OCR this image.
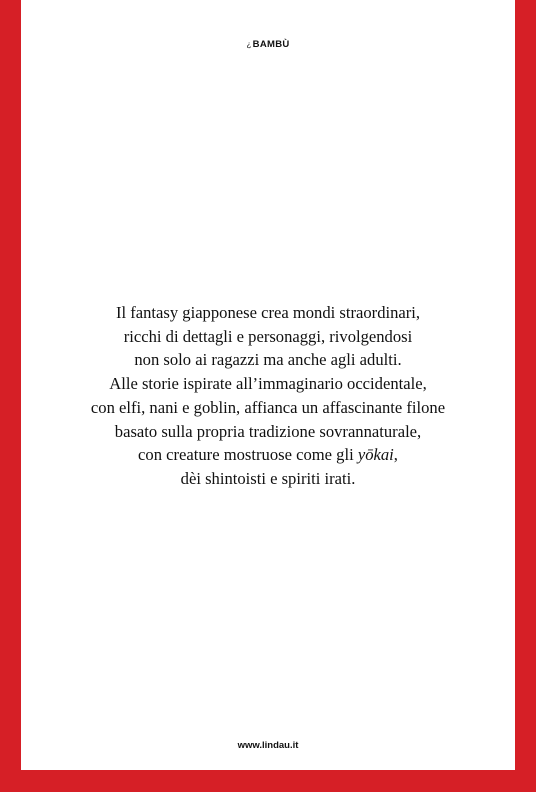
¿BAMBÙ
Il fantasy giapponese crea mondi straordinari,
ricchi di dettagli e personaggi, rivolgendosi
non solo ai ragazzi ma anche agli adulti.
Alle storie ispirate all’immaginario occidentale,
con elfi, nani e goblin, affianca un affascinante filone
basato sulla propria tradizione sovrannaturale,
con creature mostruose come gli yōkai,
dèi shintoisti e spiriti irati.
www.lindau.it
